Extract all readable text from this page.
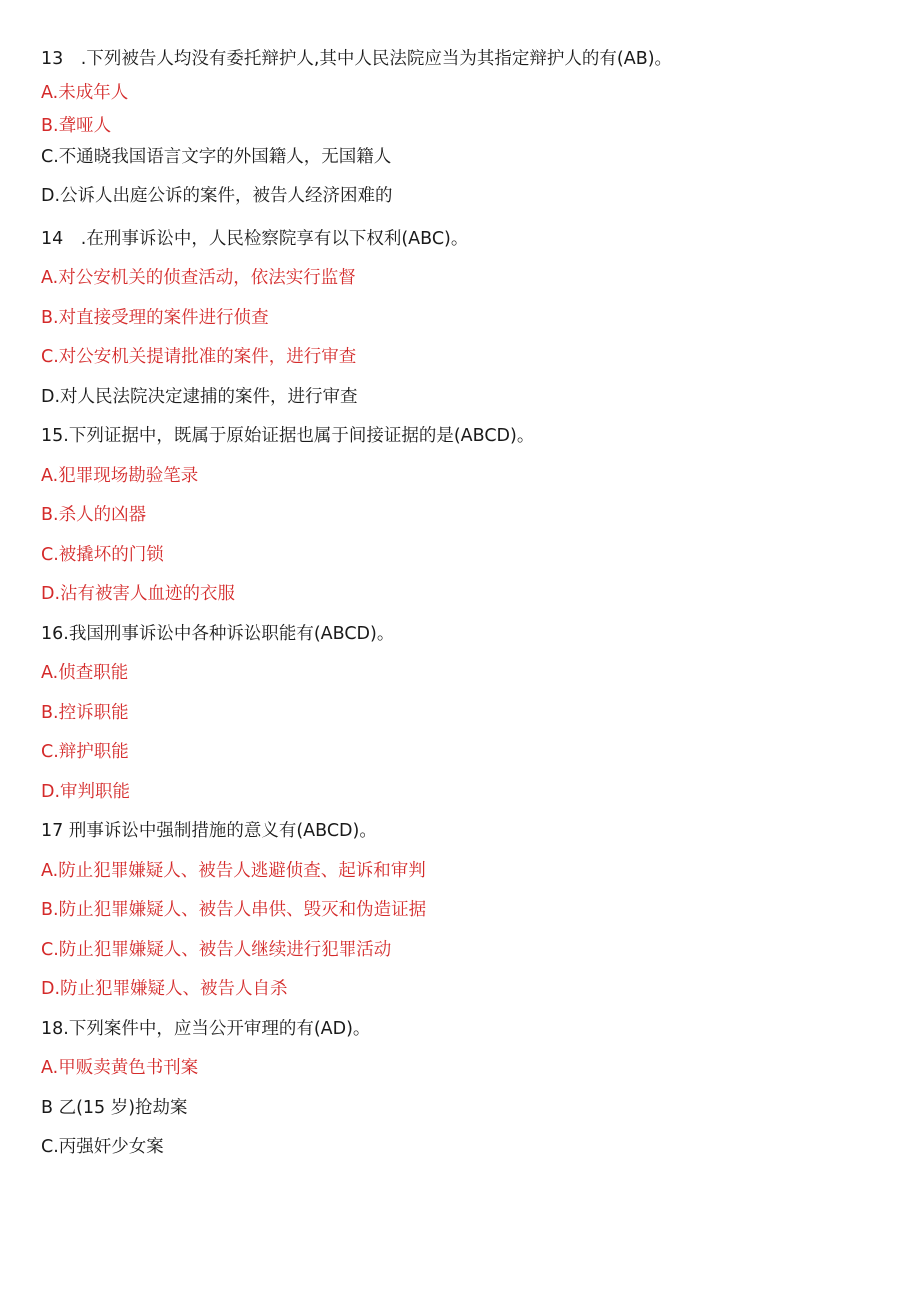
13　.下列被告人均没有委托辩护人,其中人民法院应当为其指定辩护人的有(AB)。
A.未成年人
B.聋哑人
C.不通晓我国语言文字的外国籍人，无国籍人
D.公诉人出庭公诉的案件，被告人经济困难的
14　.在刑事诉讼中，人民检察院享有以下权利(ABC)。
A.对公安机关的侦查活动，依法实行监督
B.对直接受理的案件进行侦查
C.对公安机关提请批准的案件，进行审查
D.对人民法院决定逮捕的案件，进行审查
15.下列证据中，既属于原始证据也属于间接证据的是(ABCD)。
A.犯罪现场勘验笔录
B.杀人的凶器
C.被撬坏的门锁
D.沾有被害人血迹的衣服
16.我国刑事诉讼中各种诉讼职能有(ABCD)。
A.侦查职能
B.控诉职能
C.辩护职能
D.审判职能
17 刑事诉讼中强制措施的意义有(ABCD)。
A.防止犯罪嫌疑人、被告人逃避侦查、起诉和审判
B.防止犯罪嫌疑人、被告人串供、毁灭和伪造证据
C.防止犯罪嫌疑人、被告人继续进行犯罪活动
D.防止犯罪嫌疑人、被告人自杀
18.下列案件中，应当公开审理的有(AD)。
A.甲贩卖黄色书刊案
B 乙(15 岁)抢劫案
C.丙强奸少女案
